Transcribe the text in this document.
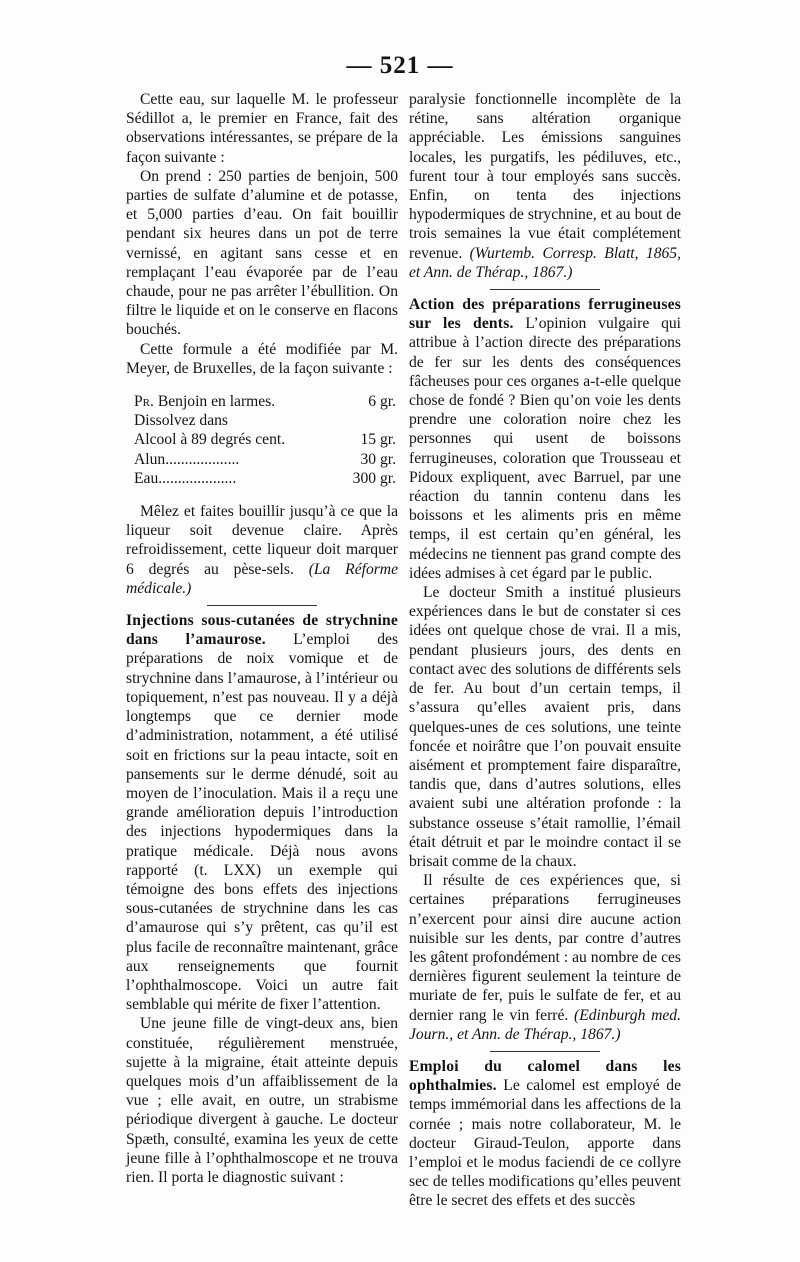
— 521 —

Cette eau, sur laquelle M. le professeur Sédillot a, le premier en France, fait des observations intéressantes, se prépare de la façon suivante :

On prend : 250 parties de benjoin, 500 parties de sulfate d’alumine et de potasse, et 5,000 parties d’eau. On fait bouillir pendant six heures dans un pot de terre vernissé, en agitant sans cesse et en remplaçant l’eau évaporée par de l’eau chaude, pour ne pas arrêter l’ébullition. On filtre le liquide et on le conserve en flacons bouchés.

Cette formule a été modifiée par M. Meyer, de Bruxelles, de la façon suivante :

Pr. Benjoin en larmes.	6 gr.
Dissolvez dans
Alcool à 89 degrés cent.	15 gr.
Alun...................	30 gr.
Eau....................	300 gr.

Mêlez et faites bouillir jusqu’à ce que la liqueur soit devenue claire. Après refroidissement, cette liqueur doit marquer 6 degrés au pèse-sels. (La Réforme médicale.)

Injections sous-cutanées de strychnine dans l’amaurose. L’emploi des préparations de noix vomique et de strychnine dans l’amaurose, à l’intérieur ou topiquement, n’est pas nouveau. Il y a déjà longtemps que ce dernier mode d’administration, notamment, a été utilisé soit en frictions sur la peau intacte, soit en pansements sur le derme dénudé, soit au moyen de l’inoculation. Mais il a reçu une grande amélioration depuis l’introduction des injections hypodermiques dans la pratique médicale. Déjà nous avons rapporté (t. LXX) un exemple qui témoigne des bons effets des injections sous-cutanées de strychnine dans les cas d’amaurose qui s’y prêtent, cas qu’il est plus facile de reconnaître maintenant, grâce aux renseignements que fournit l’ophthalmoscope. Voici un autre fait semblable qui mérite de fixer l’attention.

Une jeune fille de vingt-deux ans, bien constituée, régulièrement menstruée, sujette à la migraine, était atteinte depuis quelques mois d’un affaiblissement de la vue ; elle avait, en outre, un strabisme périodique divergent à gauche. Le docteur Spæth, consulté, examina les yeux de cette jeune fille à l’ophthalmoscope et ne trouva rien. Il porta le diagnostic suivant :

paralysie fonctionnelle incomplète de la rétine, sans altération organique appréciable. Les émissions sanguines locales, les purgatifs, les pédiluves, etc., furent tour à tour employés sans succès. Enfin, on tenta des injections hypodermiques de strychnine, et au bout de trois semaines la vue était complétement revenue. (Wurtemb. Corresp. Blatt, 1865, et Ann. de Thérap., 1867.)

Action des préparations ferrugineuses sur les dents. L’opinion vulgaire qui attribue à l’action directe des préparations de fer sur les dents des conséquences fâcheuses pour ces organes a-t-elle quelque chose de fondé ? Bien qu’on voie les dents prendre une coloration noire chez les personnes qui usent de boissons ferrugineuses, coloration que Trousseau et Pidoux expliquent, avec Barruel, par une réaction du tannin contenu dans les boissons et les aliments pris en même temps, il est certain qu’en général, les médecins ne tiennent pas grand compte des idées admises à cet égard par le public.

Le docteur Smith a institué plusieurs expériences dans le but de constater si ces idées ont quelque chose de vrai. Il a mis, pendant plusieurs jours, des dents en contact avec des solutions de différents sels de fer. Au bout d’un certain temps, il s’assura qu’elles avaient pris, dans quelques-unes de ces solutions, une teinte foncée et noirâtre que l’on pouvait ensuite aisément et promptement faire disparaître, tandis que, dans d’autres solutions, elles avaient subi une altération profonde : la substance osseuse s’était ramollie, l’émail était détruit et par le moindre contact il se brisait comme de la chaux.

Il résulte de ces expériences que, si certaines préparations ferrugineuses n’exercent pour ainsi dire aucune action nuisible sur les dents, par contre d’autres les gâtent profondément : au nombre de ces dernières figurent seulement la teinture de muriate de fer, puis le sulfate de fer, et au dernier rang le vin ferré. (Edinburgh med. Journ., et Ann. de Thérap., 1867.)

Emploi du calomel dans les ophthalmies. Le calomel est employé de temps immémorial dans les affections de la cornée ; mais notre collaborateur, M. le docteur Giraud-Teulon, apporte dans l’emploi et le modus faciendi de ce collyre sec de telles modifications qu’elles peuvent être le secret des effets et des succès
